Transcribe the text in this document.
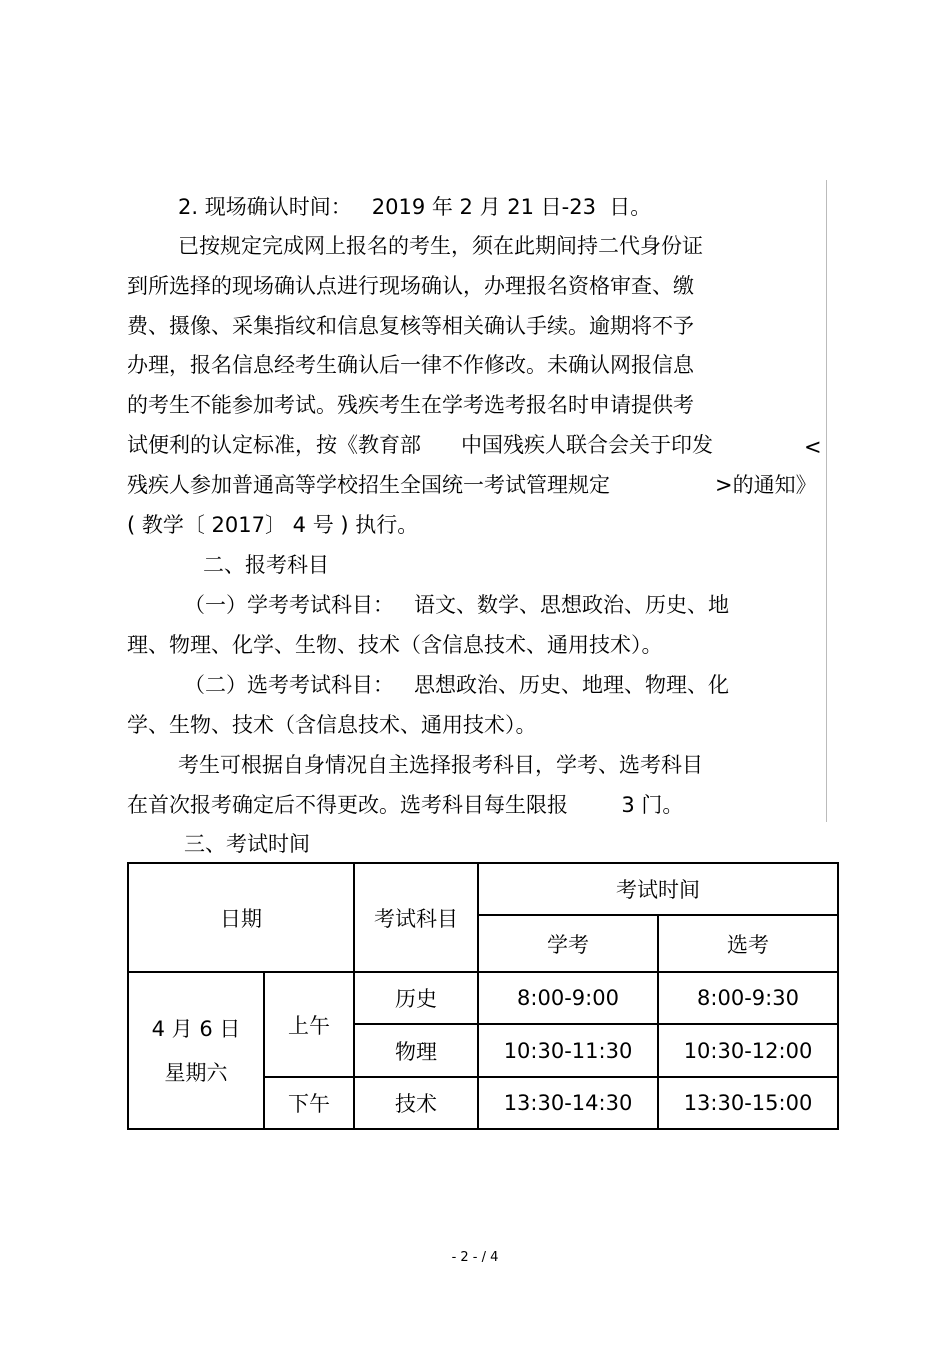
2. 现场确认时间：   2019 年 2 月 21 日-23  日。
已按规定完成网上报名的考生，须在此期间持二代身份证
到所选择的现场确认点进行现场确认，办理报名资格审查、缴
费、摄像、采集指纹和信息复核等相关确认手续。逾期将不予
办理，报名信息经考生确认后一律不作修改。未确认网报信息
的考生不能参加考试。残疾考生在学考选考报名时申请提供考
试便利的认定标准，按《教育部      中国残疾人联合会关于印发	<
残疾人参加普通高等学校招生全国统一考试管理规定	>的通知》
( 教学〔 2017〕 4 号 ) 执行。
二、报考科目
（一）学考考试科目：   语文、数学、思想政治、历史、地
理、物理、化学、生物、技术（含信息技术、通用技术）。
（二）选考考试科目：   思想政治、历史、地理、物理、化
学、生物、技术（含信息技术、通用技术）。
考生可根据自身情况自主选择报考科目，学考、选考科目
在首次报考确定后不得更改。选考科目每生限报        3 门。
三、考试时间
日期		考试科目	考试时间	
			学考	选考

4 月 6 日
星期六	上午	历史	8:00-9:00	8:00-9:30
		物理	10:30-11:30	10:30-12:00
	下午	技术	13:30-14:30	13:30-15:00
- 2 - / 4
